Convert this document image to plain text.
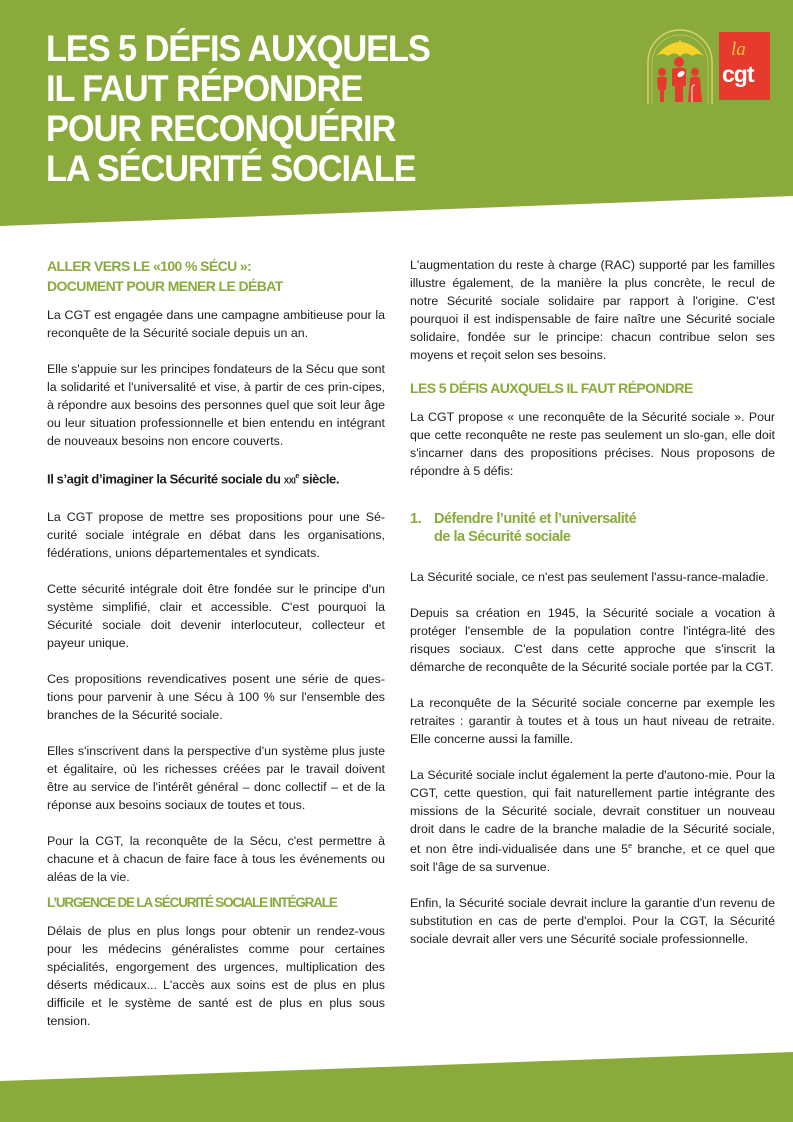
LES 5 DÉFIS AUXQUELS
IL FAUT RÉPONDRE
POUR RECONQUÉRIR
LA SÉCURITÉ SOCIALE
la
cgt
ALLER VERS LE «100 % SÉCU »:
DOCUMENT POUR MENER LE DÉBAT

La CGT est engagée dans une campagne ambitieuse pour la reconquête de la Sécurité sociale depuis un an.

Elle s'appuie sur les principes fondateurs de la Sécu que sont la solidarité et l'universalité et vise, à partir de ces prin-cipes, à répondre aux besoins des personnes quel que soit leur âge ou leur situation professionnelle et bien entendu en intégrant de nouveaux besoins non encore couverts.

Il s’agit d’imaginer la Sécurité sociale du XXIe siècle.

La CGT propose de mettre ses propositions pour une Sé-curité sociale intégrale en débat dans les organisations, fédérations, unions départementales et syndicats.

Cette sécurité intégrale doit être fondée sur le principe d'un système simplifié, clair et accessible. C'est pourquoi la Sécurité sociale doit devenir interlocuteur, collecteur et payeur unique.

Ces propositions revendicatives posent une série de ques-tions pour parvenir à une Sécu à 100 % sur l'ensemble des branches de la Sécurité sociale.

Elles s'inscrivent dans la perspective d'un système plus juste et égalitaire, où les richesses créées par le travail doivent être au service de l'intérêt général – donc collectif – et de la réponse aux besoins sociaux de toutes et tous.

Pour la CGT, la reconquête de la Sécu, c'est permettre à chacune et à chacun de faire face à tous les événements ou aléas de la vie.

L’URGENCE DE LA SÉCURITÉ SOCIALE INTÉGRALE

Délais de plus en plus longs pour obtenir un rendez-vous pour les médecins généralistes comme pour certaines spécialités, engorgement des urgences, multiplication des déserts médicaux... L'accès aux soins est de plus en plus difficile et le système de santé est de plus en plus sous tension.

L'augmentation du reste à charge (RAC) supporté par les familles illustre également, de la manière la plus concrète, le recul de notre Sécurité sociale solidaire par rapport à l'origine. C'est pourquoi il est indispensable de faire naître une Sécurité sociale solidaire, fondée sur le principe: chacun contribue selon ses moyens et reçoit selon ses besoins.

LES 5 DÉFIS AUXQUELS IL FAUT RÉPONDRE

La CGT propose « une reconquête de la Sécurité sociale ». Pour que cette reconquête ne reste pas seulement un slo-gan, elle doit s'incarner dans des propositions précises. Nous proposons de répondre à 5 défis:

1. Défendre l’unité et l’universalité
de la Sécurité sociale

La Sécurité sociale, ce n'est pas seulement l'assu-rance-maladie.

Depuis sa création en 1945, la Sécurité sociale a vocation à protéger l'ensemble de la population contre l'intégra-lité des risques sociaux. C'est dans cette approche que s'inscrit la démarche de reconquête de la Sécurité sociale portée par la CGT.

La reconquête de la Sécurité sociale concerne par exemple les retraites : garantir à toutes et à tous un haut niveau de retraite. Elle concerne aussi la famille.

La Sécurité sociale inclut également la perte d'autono-mie. Pour la CGT, cette question, qui fait naturellement partie intégrante des missions de la Sécurité sociale, devrait constituer un nouveau droit dans le cadre de la branche maladie de la Sécurité sociale, et non être indi-vidualisée dans une 5e branche, et ce quel que soit l'âge de sa survenue.

Enfin, la Sécurité sociale devrait inclure la garantie d'un revenu de substitution en cas de perte d'emploi. Pour la CGT, la Sécurité sociale devrait aller vers une Sécurité sociale professionnelle.
